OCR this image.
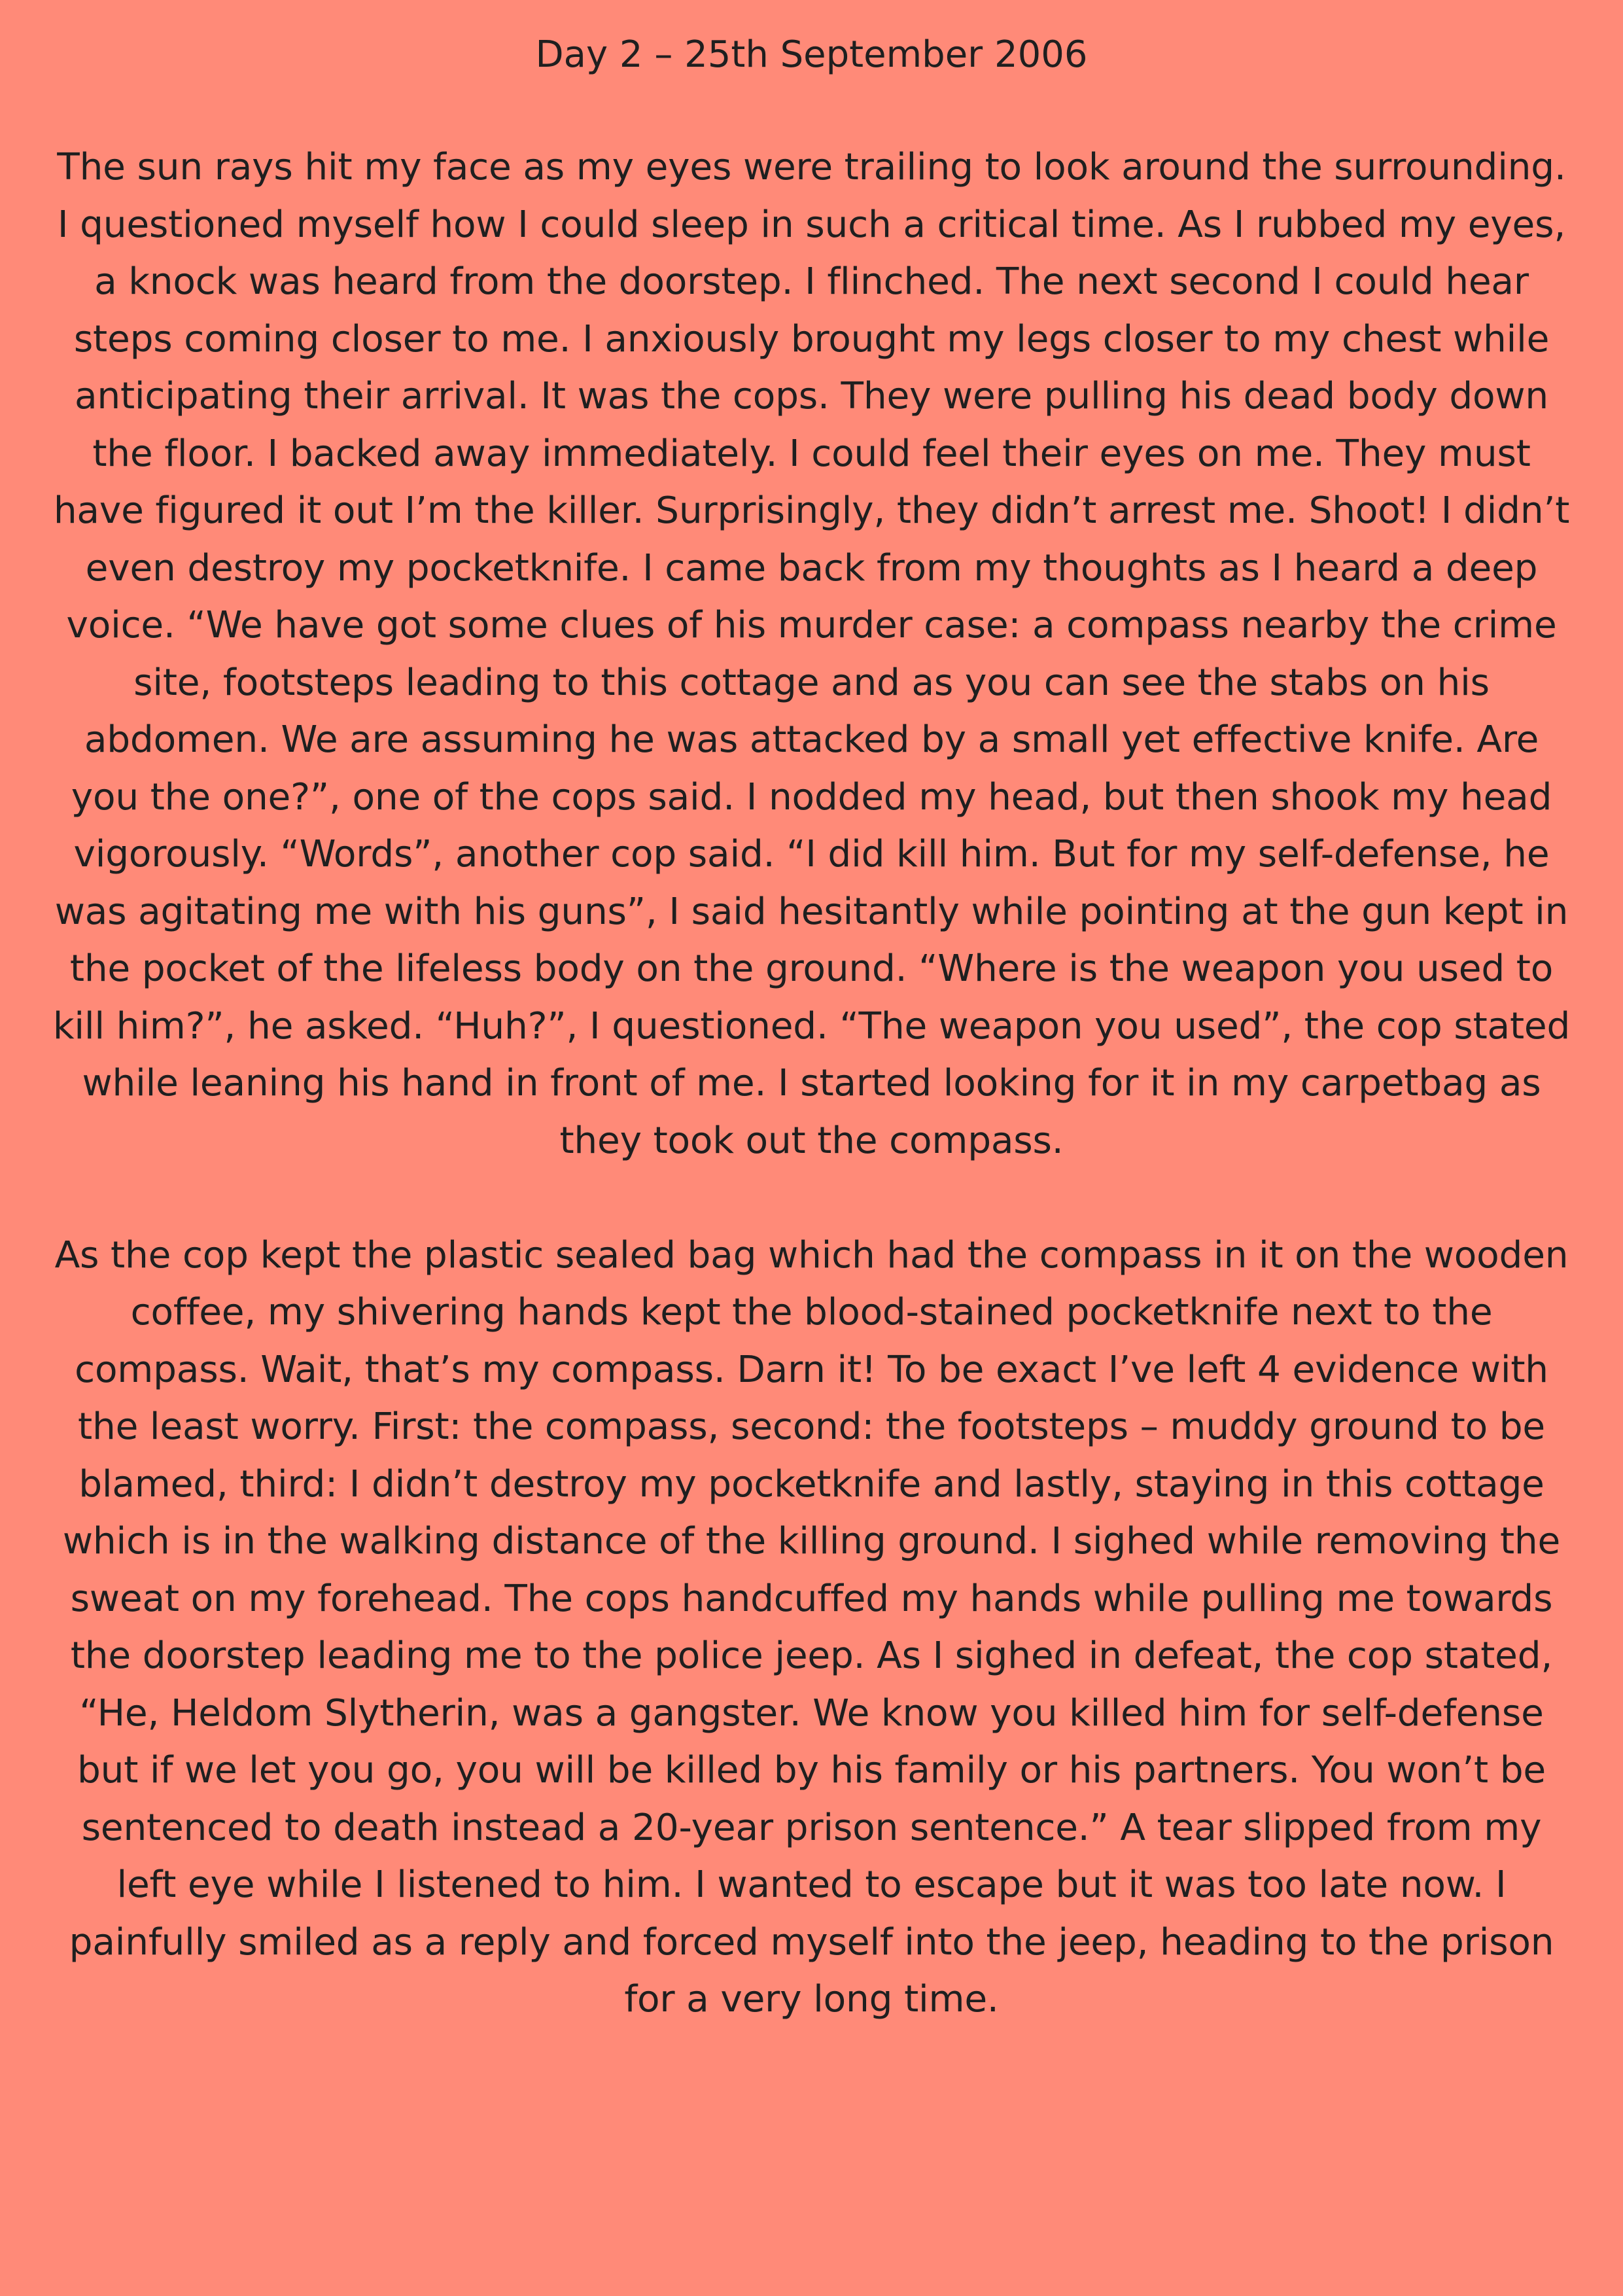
Day 2 – 25th September 2006

The sun rays hit my face as my eyes were trailing to look around the surrounding. I questioned myself how I could sleep in such a critical time. As I rubbed my eyes, a knock was heard from the doorstep. I flinched. The next second I could hear steps coming closer to me. I anxiously brought my legs closer to my chest while anticipating their arrival. It was the cops. They were pulling his dead body down the floor. I backed away immediately. I could feel their eyes on me. They must have figured it out I’m the killer. Surprisingly, they didn’t arrest me. Shoot! I didn’t even destroy my pocketknife. I came back from my thoughts as I heard a deep voice. “We have got some clues of his murder case: a compass nearby the crime site, footsteps leading to this cottage and as you can see the stabs on his abdomen. We are assuming he was attacked by a small yet effective knife. Are you the one?”, one of the cops said. I nodded my head, but then shook my head vigorously. “Words”, another cop said. “I did kill him. But for my self-defense, he was agitating me with his guns”, I said hesitantly while pointing at the gun kept in the pocket of the lifeless body on the ground. “Where is the weapon you used to kill him?”, he asked. “Huh?”, I questioned. “The weapon you used”, the cop stated while leaning his hand in front of me. I started looking for it in my carpetbag as they took out the compass.

As the cop kept the plastic sealed bag which had the compass in it on the wooden coffee, my shivering hands kept the blood-stained pocketknife next to the compass. Wait, that’s my compass. Darn it! To be exact I’ve left 4 evidence with the least worry. First: the compass, second: the footsteps – muddy ground to be blamed, third: I didn’t destroy my pocketknife and lastly, staying in this cottage which is in the walking distance of the killing ground. I sighed while removing the sweat on my forehead. The cops handcuffed my hands while pulling me towards the doorstep leading me to the police jeep. As I sighed in defeat, the cop stated, “He, Heldom Slytherin, was a gangster. We know you killed him for self-defense but if we let you go, you will be killed by his family or his partners. You won’t be sentenced to death instead a 20-year prison sentence.” A tear slipped from my left eye while I listened to him. I wanted to escape but it was too late now. I painfully smiled as a reply and forced myself into the jeep, heading to the prison for a very long time.
